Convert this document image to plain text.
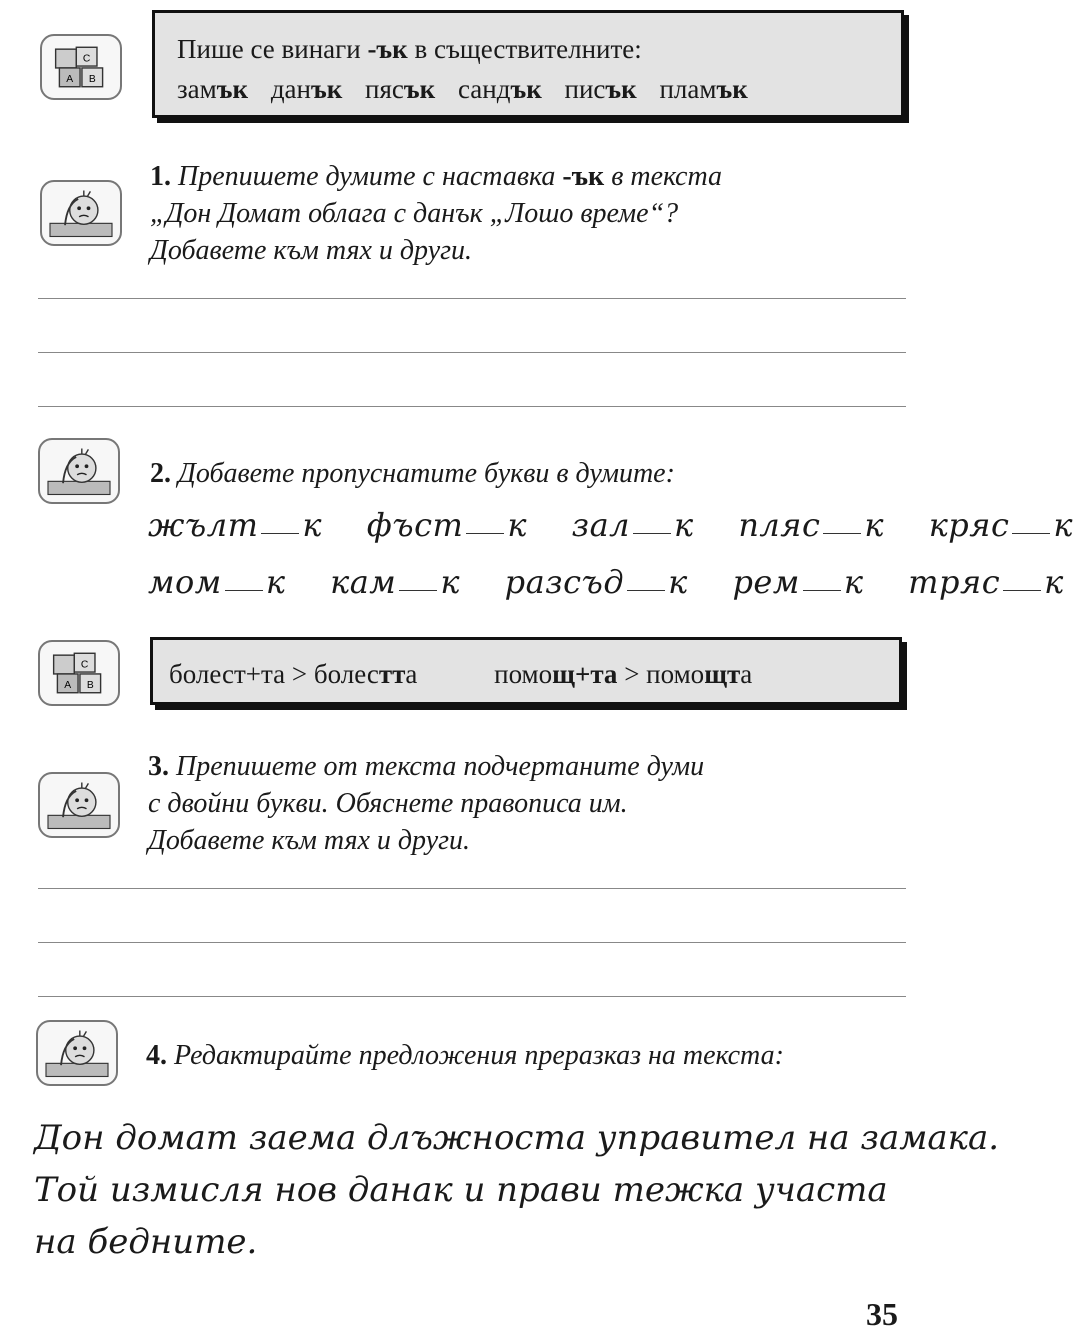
C
A B
C
A B
Пише се винаги -ък в съществителните:
замък данък пясък сандък писък пламък
1. Препишете думите с наставка -ък в текста
„Дон Домат облага с данък „Лошо време“?
Добавете към тях и други.
2. Добавете пропуснатите букви в думите:
жълт к фъст к зал к пляс к кряс к
мом к кам к разсъд к рем к тряс к
болест+та > болестта	помощ+та > помощта
3. Препишете от текста подчертаните думи
с двойни букви. Обяснете правописа им.
Добавете към тях и други.
4. Редактирайте предложения преразказ на текста:
Дон домат заема длъжноста управител на замака.
Той измисля нов данак и прави тежка участа
на бедните.
35
